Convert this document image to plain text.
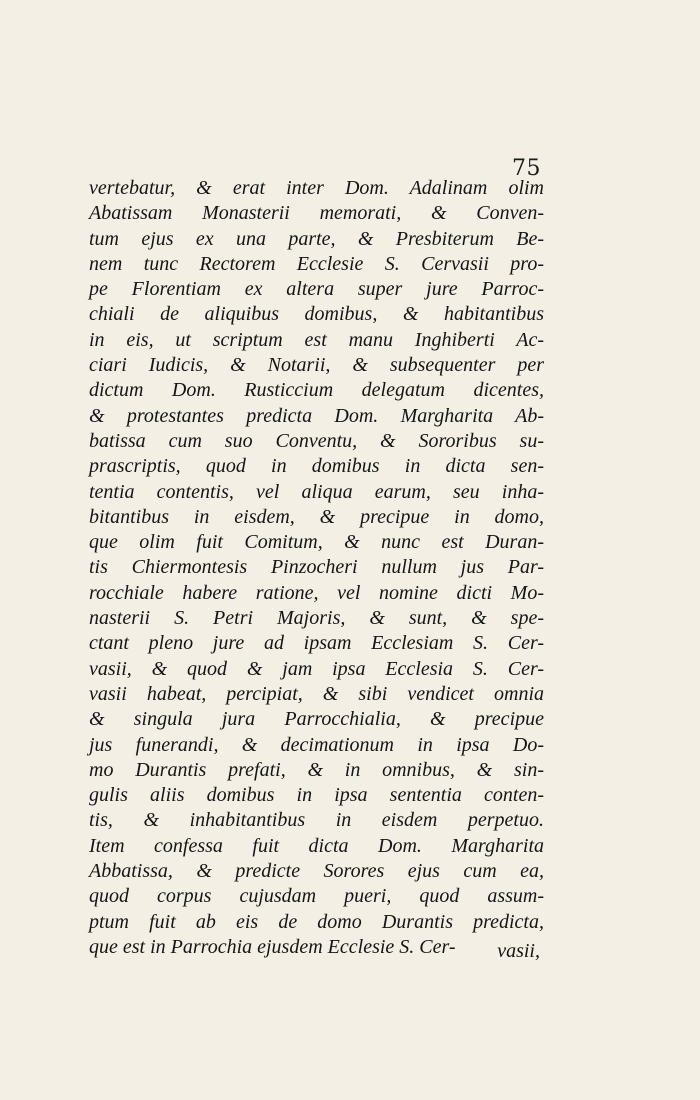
75
vertebatur, & erat inter Dom. Adalinam olim
Abatissam Monasterii memorati, & Conven-
tum ejus ex una parte, & Presbiterum Be-
nem tunc Rectorem Ecclesie S. Cervasii pro-
pe Florentiam ex altera super jure Parroc-
chiali de aliquibus domibus, & habitantibus
in eis, ut scriptum est manu Inghiberti Ac-
ciari Iudicis, & Notarii, & subsequenter per
dictum Dom. Rusticcium delegatum dicentes,
& protestantes predicta Dom. Margharita Ab-
batissa cum suo Conventu, & Sororibus su-
prascriptis, quod in domibus in dicta sen-
tentia contentis, vel aliqua earum, seu inha-
bitantibus in eisdem, & precipue in domo,
que olim fuit Comitum, & nunc est Duran-
tis Chiermontesis Pinzocheri nullum jus Par-
rocchiale habere ratione, vel nomine dicti Mo-
nasterii S. Petri Majoris, & sunt, & spe-
ctant pleno jure ad ipsam Ecclesiam S. Cer-
vasii, & quod & jam ipsa Ecclesia S. Cer-
vasii habeat, percipiat, & sibi vendicet omnia
& singula jura Parrocchialia, & precipue
jus funerandi, & decimationum in ipsa Do-
mo Durantis prefati, & in omnibus, & sin-
gulis aliis domibus in ipsa sententia conten-
tis, & inhabitantibus in eisdem perpetuo.
Item confessa fuit dicta Dom. Margharita
Abbatissa, & predicte Sorores ejus cum ea,
quod corpus cujusdam pueri, quod assum-
ptum fuit ab eis de domo Durantis predicta,
que est in Parrochia ejusdem Ecclesie S. Cer-	vasii,
